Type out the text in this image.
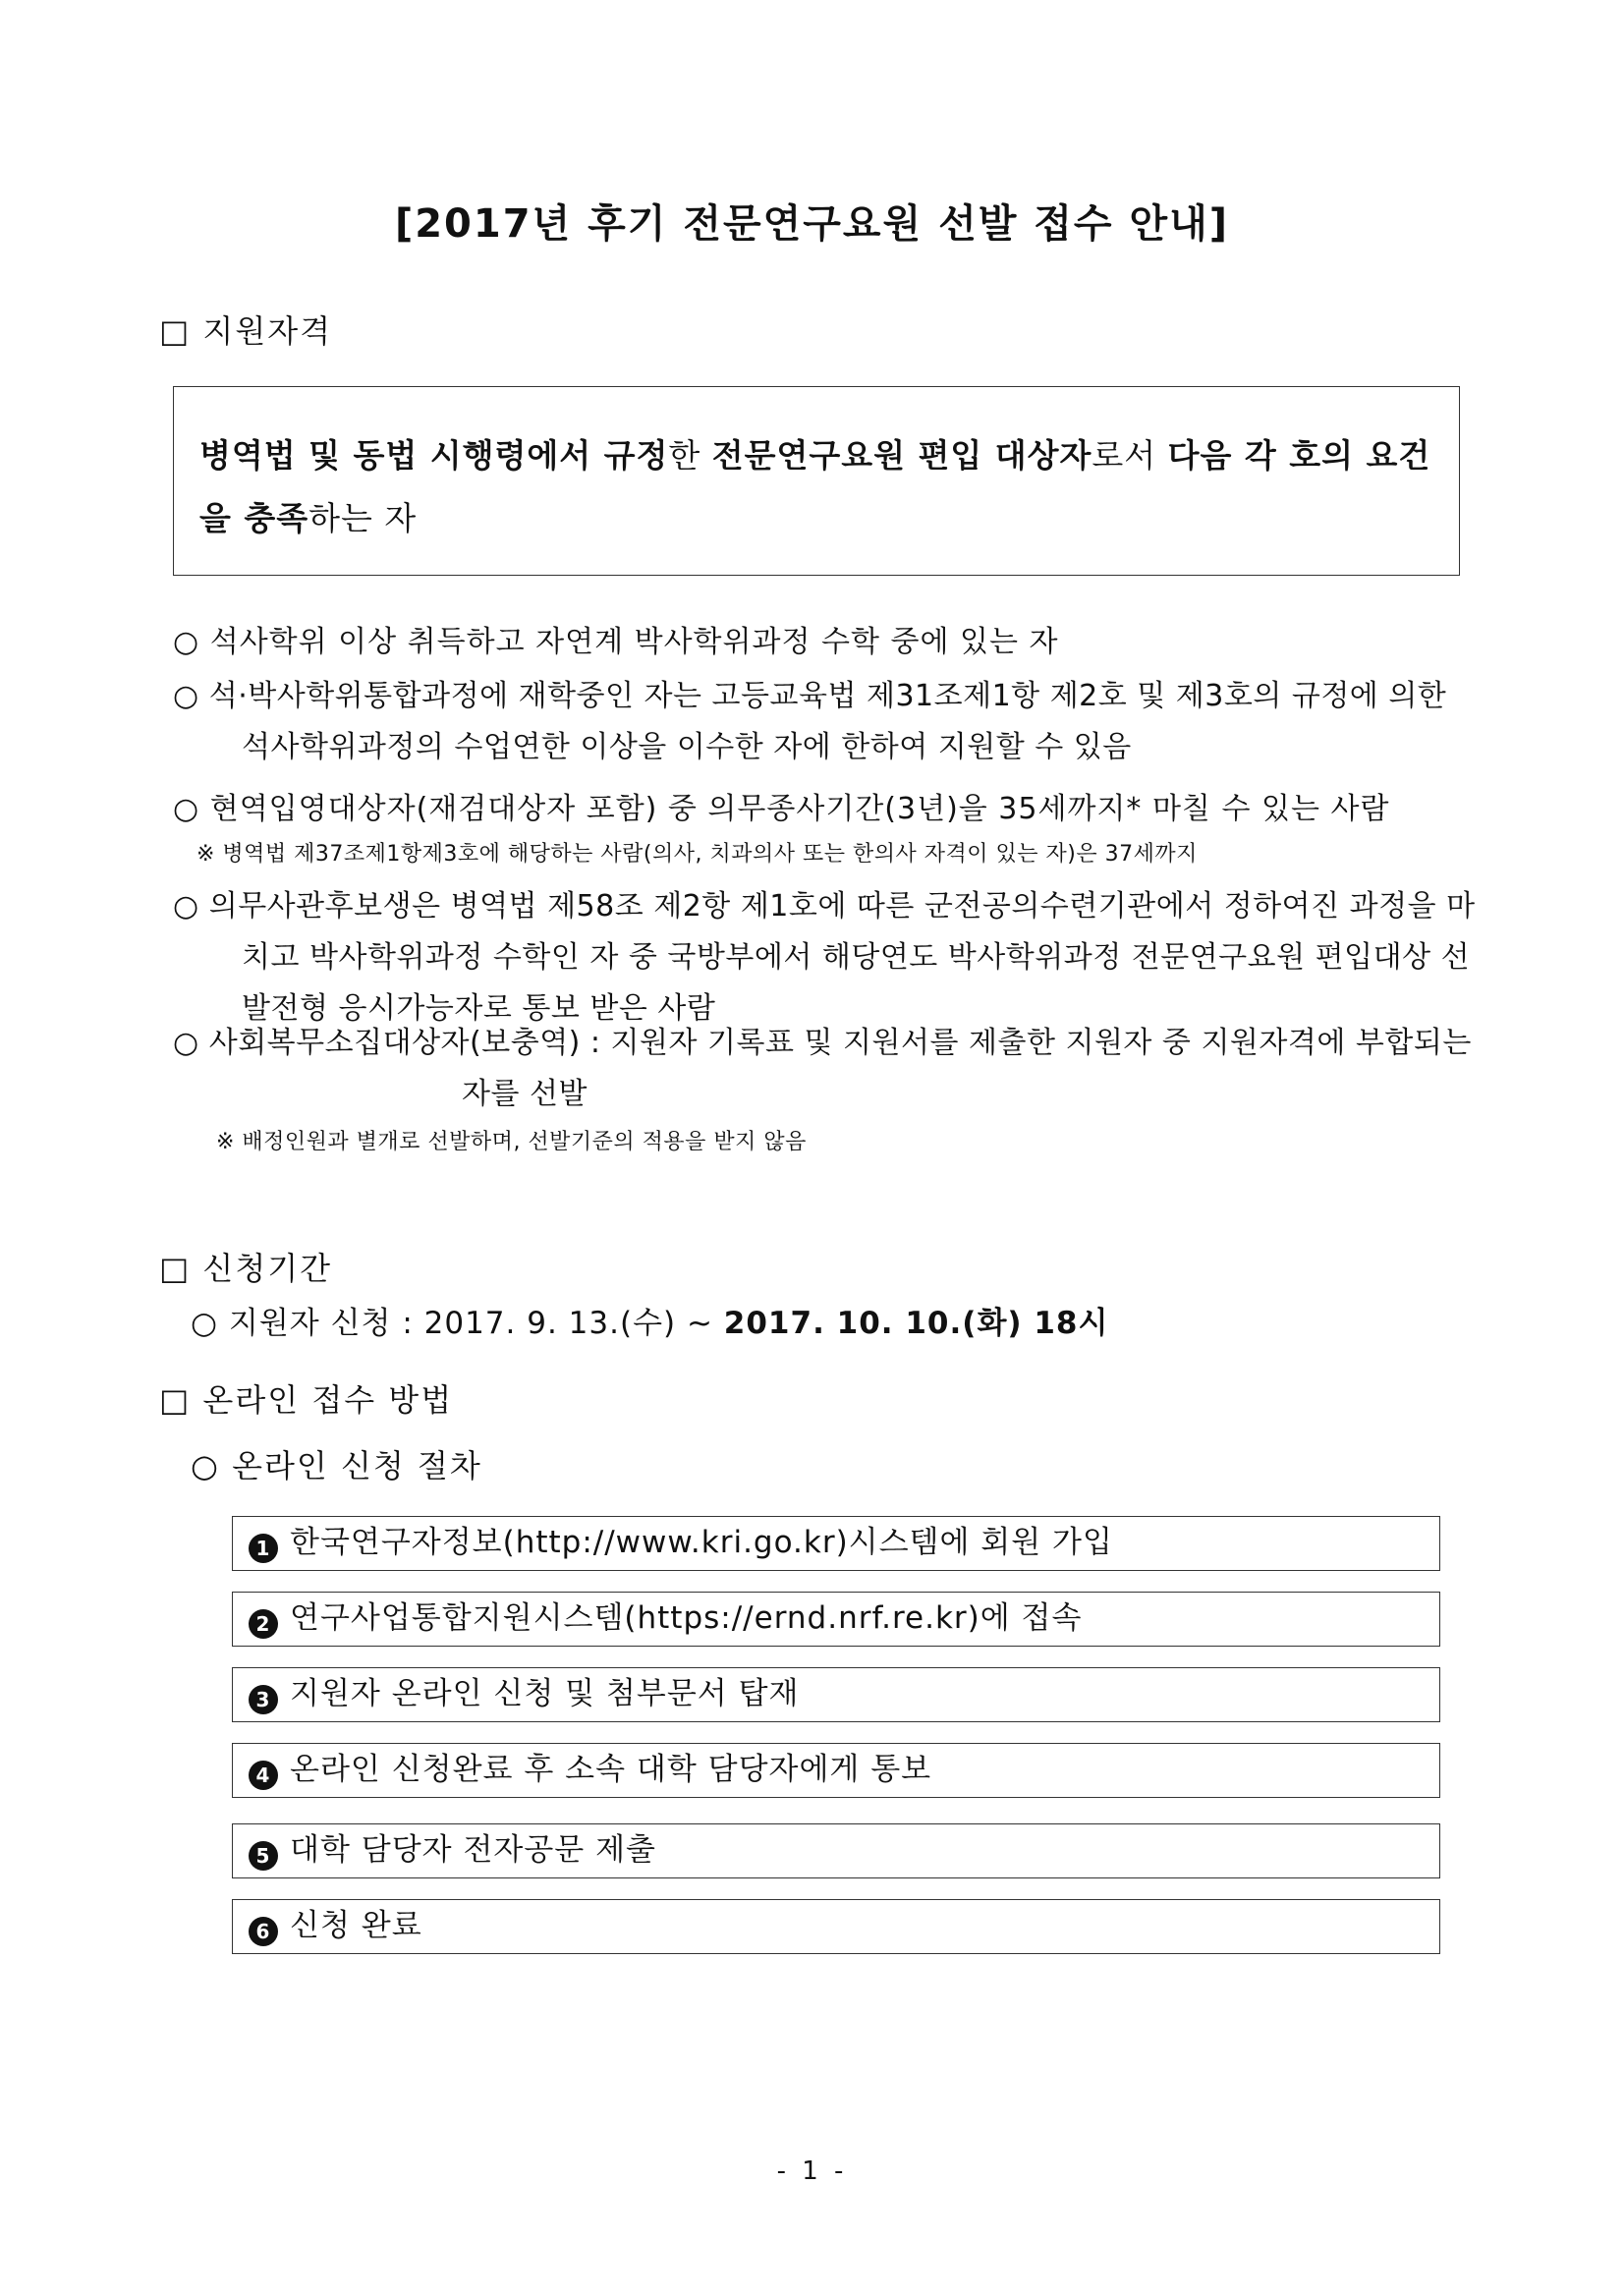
[2017년 후기 전문연구요원 선발 접수 안내]
□ 지원자격
병역법 및 동법 시행령에서 규정한 전문연구요원 편입 대상자로서 다음 각 호의 요건을 충족하는 자
○ 석사학위 이상 취득하고 자연계 박사학위과정 수학 중에 있는 자
○ 석·박사학위통합과정에 재학중인 자는 고등교육법 제31조제1항 제2호 및 제3호의 규정에 의한 석사학위과정의 수업연한 이상을 이수한 자에 한하여 지원할 수 있음
○ 현역입영대상자(재검대상자 포함) 중 의무종사기간(3년)을 35세까지* 마칠 수 있는 사람
※ 병역법 제37조제1항제3호에 해당하는 사람(의사, 치과의사 또는 한의사 자격이 있는 자)은 37세까지
○ 의무사관후보생은 병역법 제58조 제2항 제1호에 따른 군전공의수련기관에서 정하여진 과정을 마치고 박사학위과정 수학인 자 중 국방부에서 해당연도 박사학위과정 전문연구요원 편입대상 선발전형 응시가능자로 통보 받은 사람
○ 사회복무소집대상자(보충역) : 지원자 기록표 및 지원서를 제출한 지원자 중 지원자격에 부합되는 자를 선발
※ 배정인원과 별개로 선발하며, 선발기준의 적용을 받지 않음
□ 신청기간
○ 지원자 신청 : 2017. 9. 13.(수) ~ 2017. 10. 10.(화) 18시
□ 온라인 접수 방법
○ 온라인 신청 절차
1 한국연구자정보(http://www.kri.go.kr)시스템에 회원 가입
2 연구사업통합지원시스템(https://ernd.nrf.re.kr)에 접속
3 지원자 온라인 신청 및 첨부문서 탑재
4 온라인 신청완료 후 소속 대학 담당자에게 통보
5 대학 담당자 전자공문 제출
6 신청 완료
- 1 -
